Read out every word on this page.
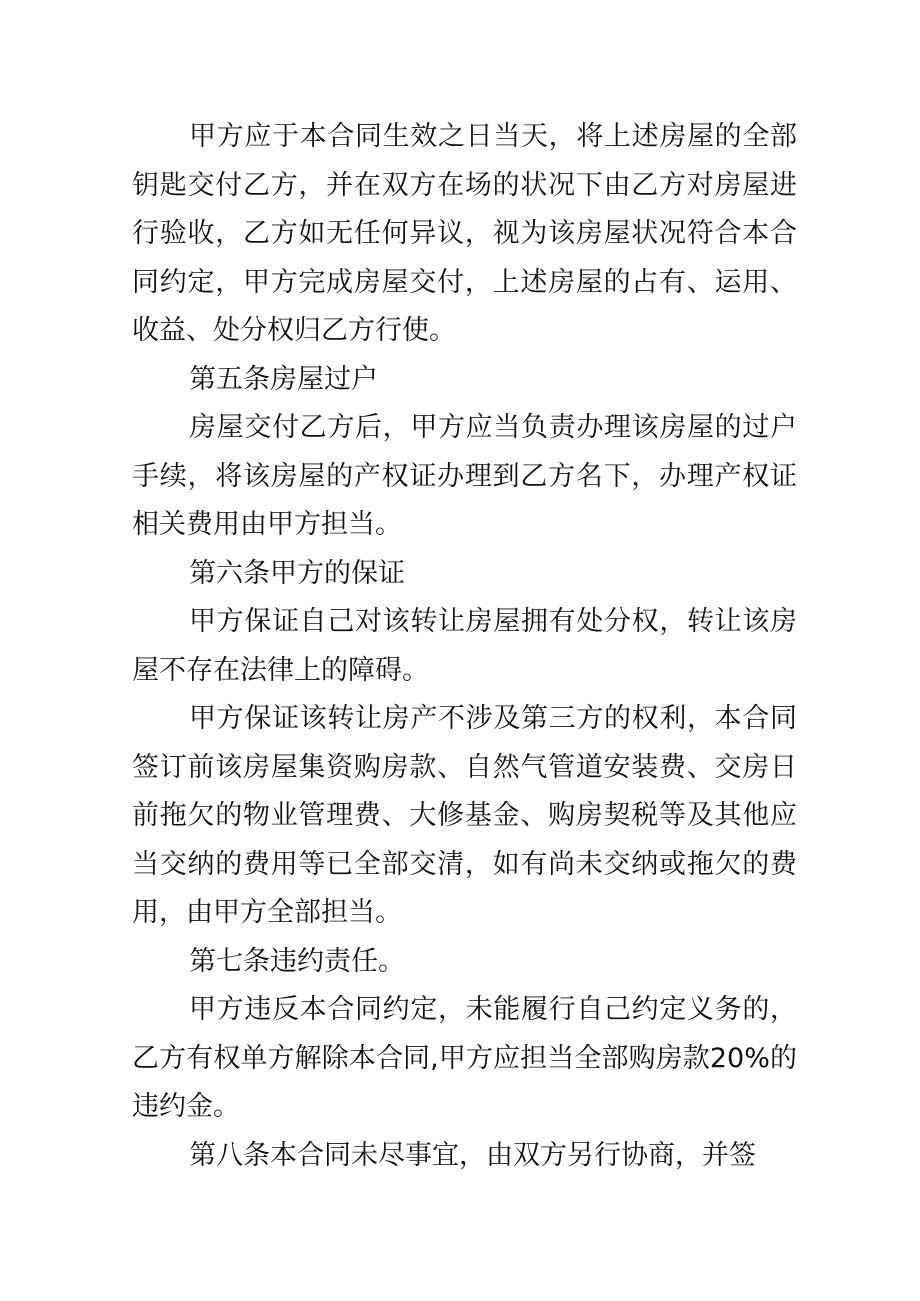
甲方应于本合同生效之日当天，将上述房屋的全部钥匙交付乙方，并在双方在场的状况下由乙方对房屋进行验收，乙方如无任何异议，视为该房屋状况符合本合同约定，甲方完成房屋交付，上述房屋的占有、运用、收益、处分权归乙方行使。

第五条房屋过户

房屋交付乙方后，甲方应当负责办理该房屋的过户手续，将该房屋的产权证办理到乙方名下，办理产权证相关费用由甲方担当。

第六条甲方的保证

甲方保证自己对该转让房屋拥有处分权，转让该房屋不存在法律上的障碍。

甲方保证该转让房产不涉及第三方的权利，本合同签订前该房屋集资购房款、自然气管道安装费、交房日前拖欠的物业管理费、大修基金、购房契税等及其他应当交纳的费用等已全部交清，如有尚未交纳或拖欠的费用，由甲方全部担当。

第七条违约责任。

甲方违反本合同约定，未能履行自己约定义务的，乙方有权单方解除本合同,甲方应担当全部购房款20%的违约金。

第八条本合同未尽事宜，由双方另行协商，并签
